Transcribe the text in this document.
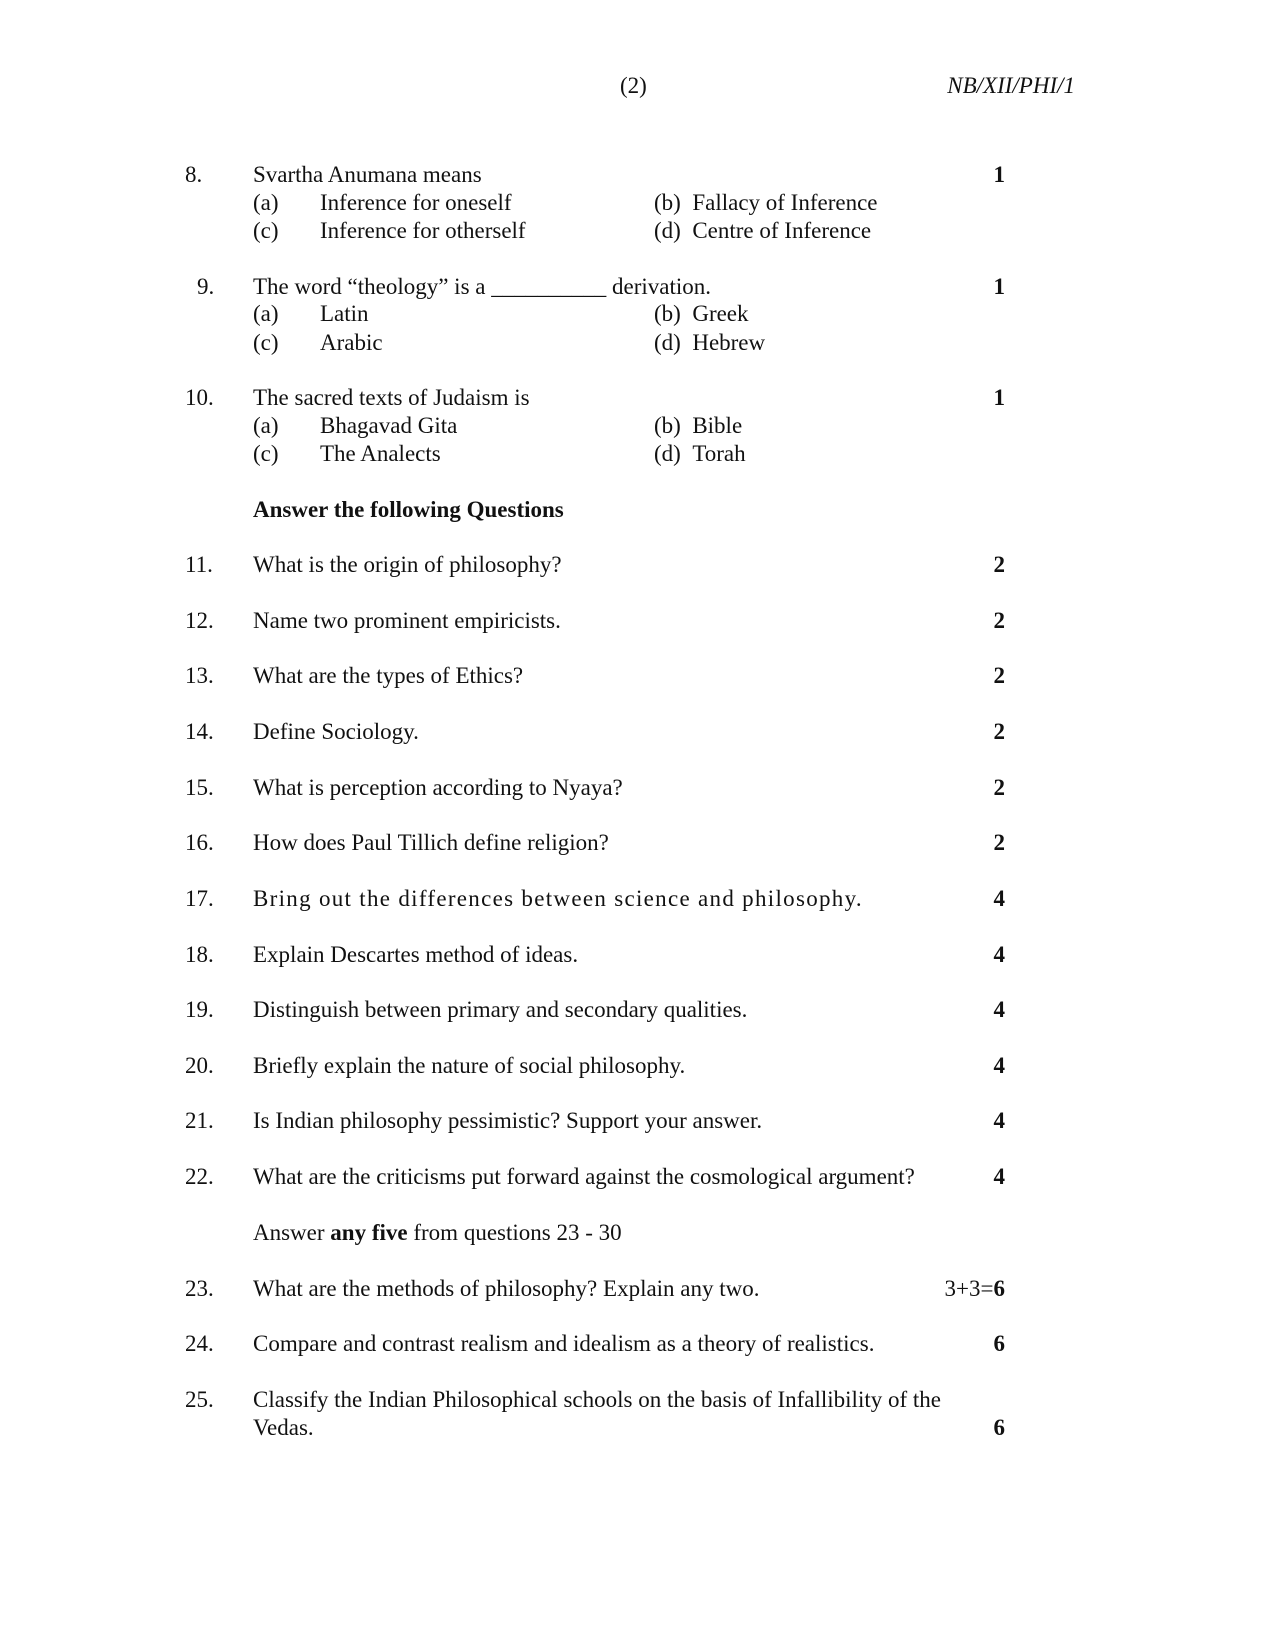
(2)	NB/XII/PHI/1
8. Svartha Anumana means	1
(a) Inference for oneself	(b) Fallacy of Inference
(c) Inference for otherself	(d) Centre of Inference
9. The word “theology” is a __________ derivation.	1
(a) Latin	(b) Greek
(c) Arabic	(d) Hebrew
10. The sacred texts of Judaism is	1
(a) Bhagavad Gita	(b) Bible
(c) The Analects	(d) Torah
Answer the following Questions
11. What is the origin of philosophy?	2
12. Name two prominent empiricists.	2
13. What are the types of Ethics?	2
14. Define Sociology.	2
15. What is perception according to Nyaya?	2
16. How does Paul Tillich define religion?	2
17. Bring out the differences between science and philosophy.	4
18. Explain Descartes method of ideas.	4
19. Distinguish between primary and secondary qualities.	4
20. Briefly explain the nature of social philosophy.	4
21. Is Indian philosophy pessimistic? Support your answer.	4
22. What are the criticisms put forward against the cosmological argument?	4
Answer any five from questions 23 - 30
23. What are the methods of philosophy? Explain any two.	3+3=6
24. Compare and contrast realism and idealism as a theory of realistics.	6
25. Classify the Indian Philosophical schools on the basis of Infallibility of the
Vedas.	6
